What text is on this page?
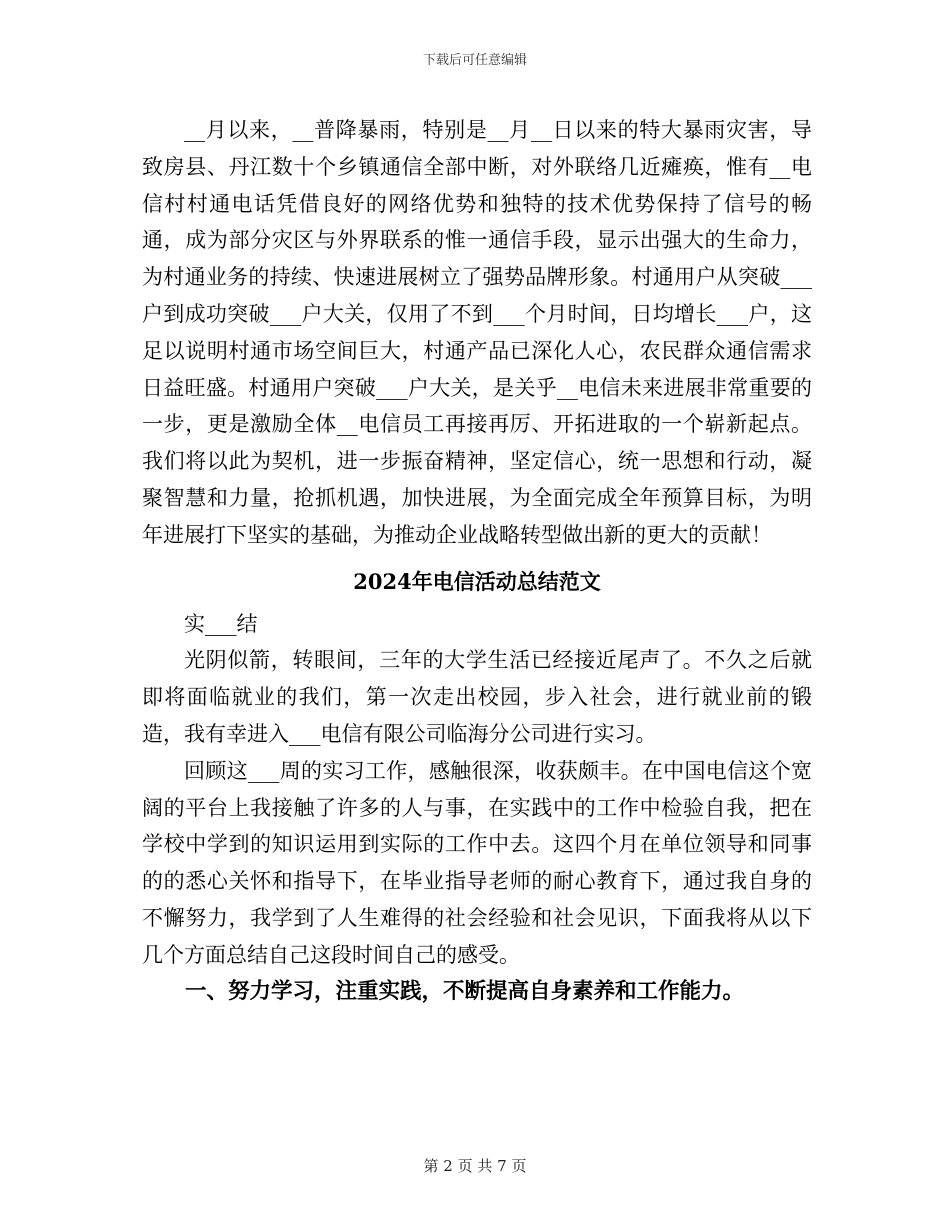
下载后可任意编辑

__月以来，__普降暴雨，特别是__月__日以来的特大暴雨灾害，导致房县、丹江数十个乡镇通信全部中断，对外联络几近瘫痪，惟有__电信村村通电话凭借良好的网络优势和独特的技术优势保持了信号的畅通，成为部分灾区与外界联系的惟一通信手段，显示出强大的生命力，为村通业务的持续、快速进展树立了强势品牌形象。村通用户从突破___户到成功突破___户大关，仅用了不到___个月时间，日均增长___户，这足以说明村通市场空间巨大，村通产品已深化人心，农民群众通信需求日益旺盛。村通用户突破___户大关，是关乎__电信未来进展非常重要的一步，更是激励全体__电信员工再接再厉、开拓进取的一个崭新起点。我们将以此为契机，进一步振奋精神，坚定信心，统一思想和行动，凝聚智慧和力量，抢抓机遇，加快进展，为全面完成全年预算目标，为明年进展打下坚实的基础，为推动企业战略转型做出新的更大的贡献！

2024年电信活动总结范文

实___结

光阴似箭，转眼间，三年的大学生活已经接近尾声了。不久之后就即将面临就业的我们，第一次走出校园，步入社会，进行就业前的锻造，我有幸进入___电信有限公司临海分公司进行实习。

回顾这___周的实习工作，感触很深，收获颇丰。在中国电信这个宽阔的平台上我接触了许多的人与事，在实践中的工作中检验自我，把在学校中学到的知识运用到实际的工作中去。这四个月在单位领导和同事的的悉心关怀和指导下，在毕业指导老师的耐心教育下，通过我自身的不懈努力，我学到了人生难得的社会经验和社会见识，下面我将从以下几个方面总结自己这段时间自己的感受。

一、努力学习，注重实践，不断提高自身素养和工作能力。

第 2 页 共 7 页
